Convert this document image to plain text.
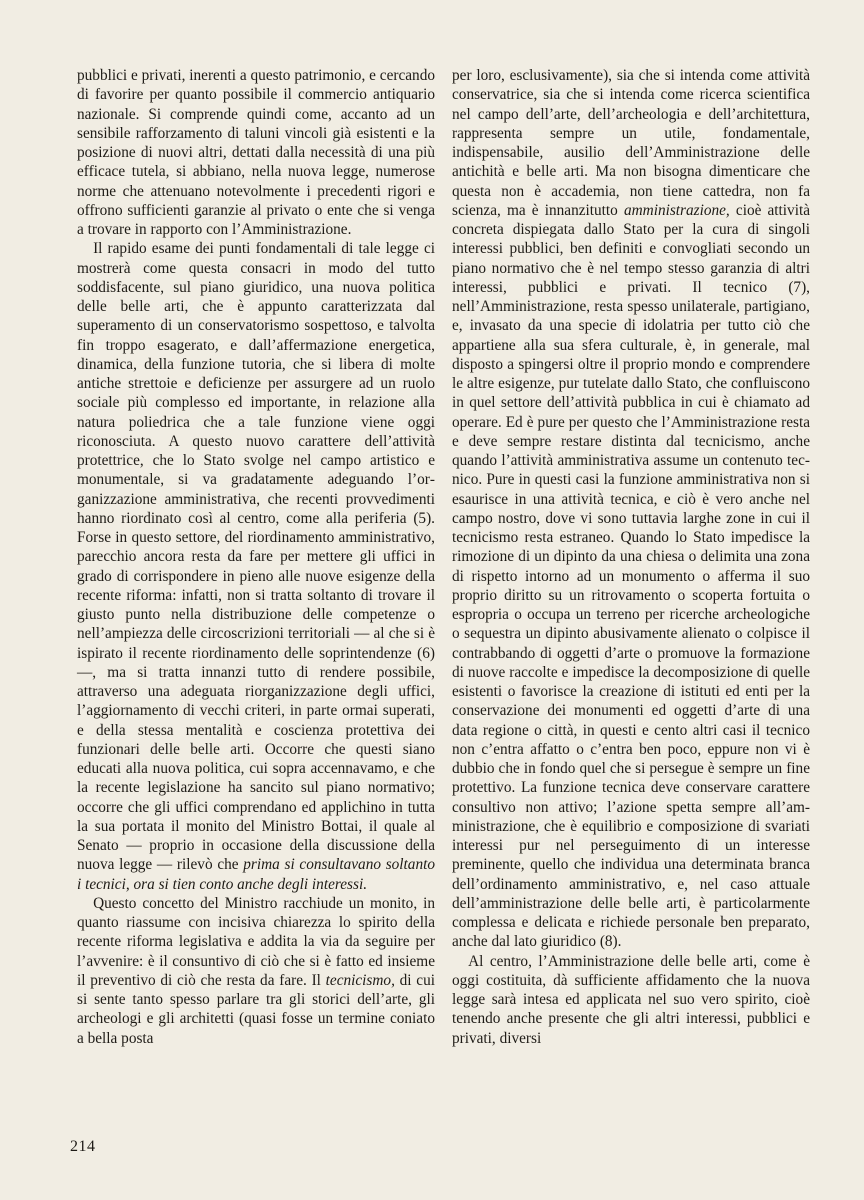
pubblici e privati, inerenti a questo patrimonio, e cercando di favorire per quanto possibile il commercio antiquario nazionale. Si comprende quindi come, accanto ad un sensibile rafforzamento di taluni vincoli già esistenti e la posizione di nuovi altri, dettati dalla necessità di una più efficace tutela, si abbiano, nella nuova legge, numerose norme che attenuano notevolmente i precedenti rigori e offrono sufficienti garanzie al privato o ente che si venga a trovare in rapporto con l’Amministrazione.

Il rapido esame dei punti fondamentali di tale legge ci mostrerà come questa consacri in modo del tutto soddisfacente, sul piano giuridico, una nuova politica delle belle arti, che è appunto caratterizzata dal superamento di un conservatorismo sospettoso, e talvolta fin troppo esagerato, e dall’affermazione energetica, dinamica, della funzione tutoria, che si libera di molte antiche strettoie e deficienze per assurgere ad un ruolo sociale più complesso ed importante, in relazione alla natura poliedrica che a tale funzione viene oggi riconosciuta. A questo nuovo carattere dell’attività protettrice, che lo Stato svolge nel campo artistico e monumentale, si va gradatamente adeguando l’organizzazione amministrativa, che recenti provvedimenti hanno riordinato così al centro, come alla periferia (5). Forse in questo settore, del riordinamento amministrativo, parecchio ancora resta da fare per mettere gli uffici in grado di corrispondere in pieno alle nuove esigenze della recente riforma: infatti, non si tratta soltanto di trovare il giusto punto nella distribuzione delle competenze o nell’ampiezza delle circoscrizioni territoriali — al che si è ispirato il recente riordinamento delle soprintendenze (6) —, ma si tratta innanzi tutto di rendere possibile, attraverso una adeguata riorganizzazione degli uffici, l’aggiornamento di vecchi criteri, in parte ormai superati, e della stessa mentalità e coscienza protettiva dei funzionari delle belle arti. Occorre che questi siano educati alla nuova politica, cui sopra accennavamo, e che la recente legislazione ha sancito sul piano normativo; occorre che gli uffici comprendano ed applichino in tutta la sua portata il monito del Ministro Bottai, il quale al Senato — proprio in occasione della discussione della nuova legge — rilevò che prima si consultavano soltanto i tecnici, ora si tien conto anche degli interessi.

Questo concetto del Ministro racchiude un monito, in quanto riassume con incisiva chiarezza lo spirito della recente riforma legislativa e addita la via da seguire per l’avvenire: è il consuntivo di ciò che si è fatto ed insieme il preventivo di ciò che resta da fare. Il tecnicismo, di cui si sente tanto spesso parlare tra gli storici dell’arte, gli archeologi e gli architetti (quasi fosse un termine coniato a bella posta

per loro, esclusivamente), sia che si intenda come attività conservatrice, sia che si intenda come ricerca scientifica nel campo dell’arte, dell’archeologia e dell’architettura, rappresenta sempre un utile, fondamentale, indispensabile, ausilio dell’Amministrazione delle antichità e belle arti. Ma non bisogna dimenticare che questa non è accademia, non tiene cattedra, non fa scienza, ma è innanzitutto amministrazione, cioè attività concreta dispiegata dallo Stato per la cura di singoli interessi pubblici, ben definiti e convogliati secondo un piano normativo che è nel tempo stesso garanzia di altri interessi, pubblici e privati. Il tecnico (7), nell’Amministrazione, resta spesso unilaterale, partigiano, e, invasato da una specie di idolatria per tutto ciò che appartiene alla sua sfera culturale, è, in generale, mal disposto a spingersi oltre il proprio mondo e comprendere le altre esigenze, pur tutelate dallo Stato, che confluiscono in quel settore dell’attività pubblica in cui è chiamato ad operare. Ed è pure per questo che l’Amministrazione resta e deve sempre restare distinta dal tecnicismo, anche quando l’attività amministrativa assume un contenuto tecnico. Pure in questi casi la funzione amministrativa non si esaurisce in una attività tecnica, e ciò è vero anche nel campo nostro, dove vi sono tuttavia larghe zone in cui il tecnicismo resta estraneo. Quando lo Stato impedisce la rimozione di un dipinto da una chiesa o delimita una zona di rispetto intorno ad un monumento o afferma il suo proprio diritto su un ritrovamento o scoperta fortuita o espropria o occupa un terreno per ricerche archeologiche o sequestra un dipinto abusivamente alienato o colpisce il contrabbando di oggetti d’arte o promuove la formazione di nuove raccolte e impedisce la decomposizione di quelle esistenti o favorisce la creazione di istituti ed enti per la conservazione dei monumenti ed oggetti d’arte di una data regione o città, in questi e cento altri casi il tecnico non c’entra affatto o c’entra ben poco, eppure non vi è dubbio che in fondo quel che si persegue è sempre un fine protettivo. La funzione tecnica deve conservare carattere consultivo non attivo; l’azione spetta sempre all’amministrazione, che è equilibrio e composizione di svariati interessi pur nel perseguimento di un interesse preminente, quello che individua una determinata branca dell’ordinamento amministrativo, e, nel caso attuale dell’amministrazione delle belle arti, è particolarmente complessa e delicata e richiede personale ben preparato, anche dal lato giuridico (8).

Al centro, l’Amministrazione delle belle arti, come è oggi costituita, dà sufficiente affidamento che la nuova legge sarà intesa ed applicata nel suo vero spirito, cioè tenendo anche presente che gli altri interessi, pubblici e privati, diversi

214
